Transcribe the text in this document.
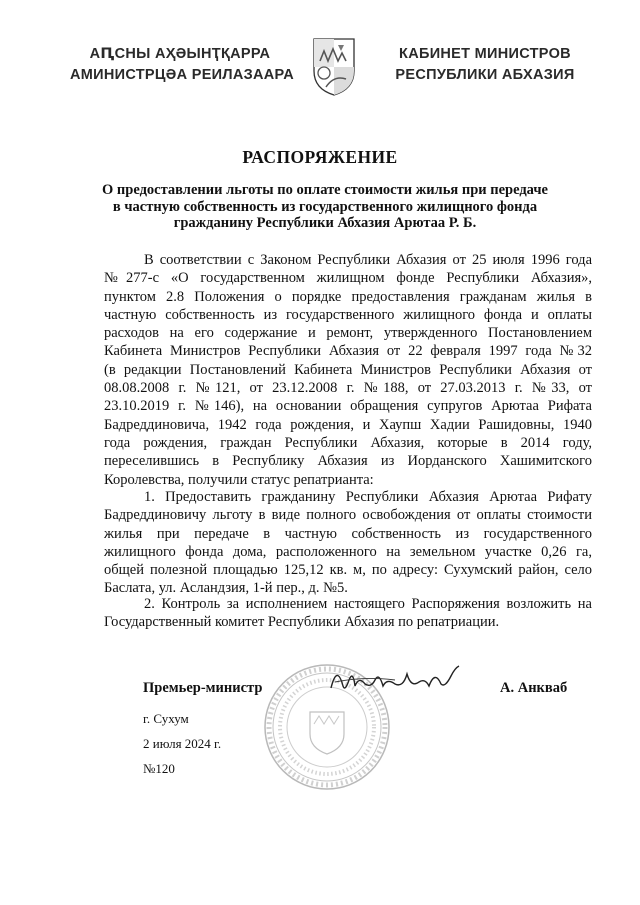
АԤСНЫ АҲӘЫНҬҚАРРА
АМИНИСТРЦӘА РЕИЛАЗААРА
КАБИНЕТ МИНИСТРОВ
РЕСПУБЛИКИ АБХАЗИЯ
РАСПОРЯЖЕНИЕ
О предоставлении льготы по оплате стоимости жилья при передаче
в частную собственность из государственного жилищного фонда
гражданину Республики Абхазия Арютаа Р. Б.
В соответствии с Законом Республики Абхазия от 25 июля 1996 года
№277-с «О государственном жилищном фонде Республики Абхазия»,
пунктом 2.8 Положения о порядке предоставления гражданам жилья в
частную собственность из государственного жилищного фонда и оплаты
расходов на его содержание и ремонт, утвержденного Постановлением
Кабинета Министров Республики Абхазия от 22 февраля 1997 года №32
(в редакции Постановлений Кабинета Министров Республики Абхазия от
08.08.2008 г. №121, от 23.12.2008 г. №188, от 27.03.2013 г. №33, от
23.10.2019 г. №146), на основании обращения супругов Арютаа Рифата
Бадреддиновича, 1942 года рождения, и Хаупш Хадии Рашидовны, 1940
года рождения, граждан Республики Абхазия, которые в 2014 году,
переселившись в Республику Абхазия из Иорданского Хашимитского
Королевства, получили статус репатрианта:
1. Предоставить гражданину Республики Абхазия Арютаа Рифату
Бадреддиновичу льготу в виде полного освобождения от оплаты стоимости
жилья при передаче в частную собственность из государственного
жилищного фонда дома, расположенного на земельном участке 0,26 га,
общей полезной площадью 125,12 кв. м, по адресу: Сухумский район, село
Баслата, ул. Асландзия, 1-й пер., д. №5.
2. Контроль за исполнением настоящего Распоряжения возложить на
Государственный комитет Республики Абхазия по репатриации.
Премьер-министр	А. Анкваб
г. Сухум
2 июля 2024 г.
№120
